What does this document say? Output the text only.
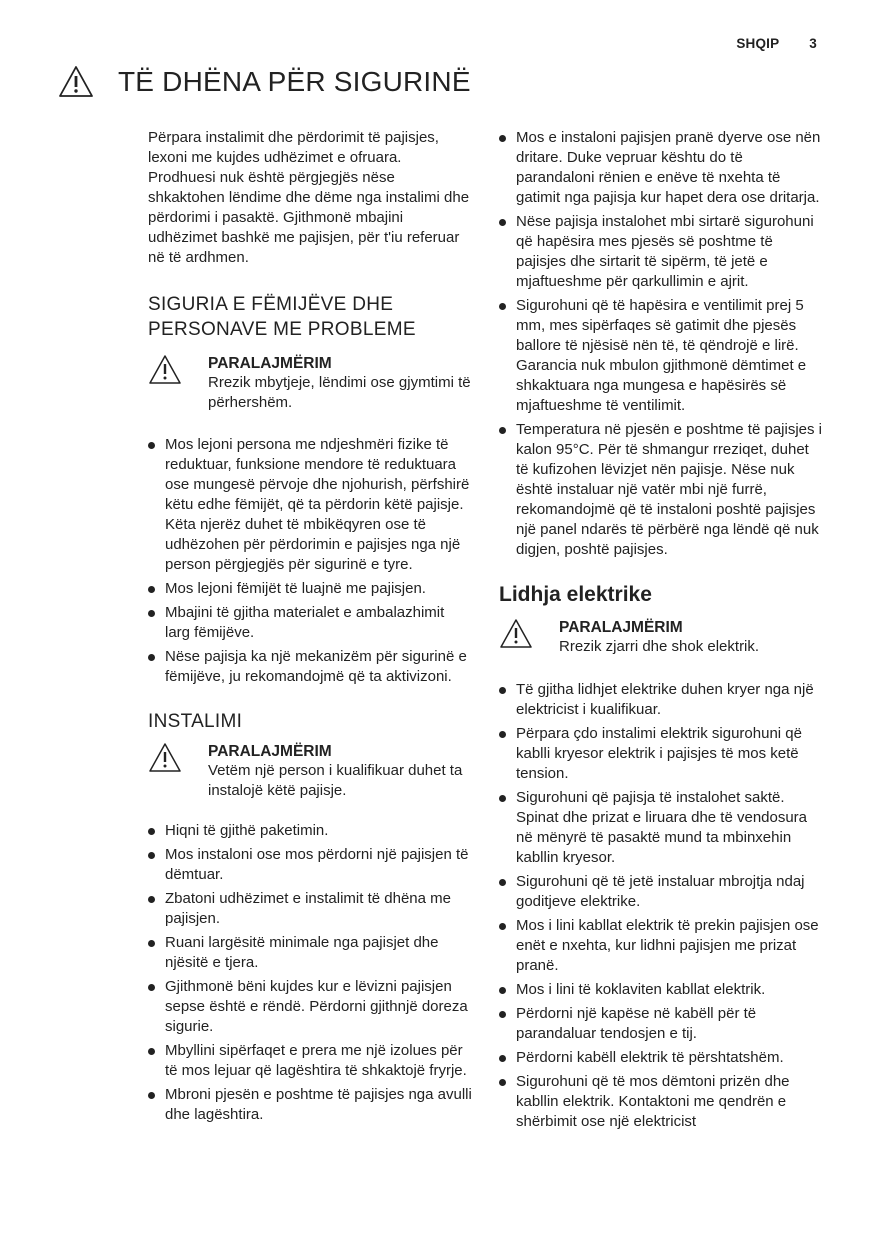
SHQIP 3
TË DHËNA PËR SIGURINË

Përpara instalimit dhe përdorimit të pajisjes, lexoni me kujdes udhëzimet e ofruara. Prodhuesi nuk është përgjegjës nëse shkaktohen lëndime dhe dëme nga instalimi dhe përdorimi i pasaktë. Gjithmonë mbajini udhëzimet bashkë me pajisjen, për t'iu referuar në të ardhmen.

SIGURIA E FËMIJËVE DHE PERSONAVE ME PROBLEME
PARALAJMËRIM
Rrezik mbytjeje, lëndimi ose gjymtimi të përhershëm.
Mos lejoni persona me ndjeshmëri fizike të reduktuar, funksione mendore të reduktuara ose mungesë përvoje dhe njohurish, përfshirë këtu edhe fëmijët, që ta përdorin këtë pajisje. Këta njerëz duhet të mbikëqyren ose të udhëzohen për përdorimin e pajisjes nga një person përgjegjës për sigurinë e tyre.
Mos lejoni fëmijët të luajnë me pajisjen.
Mbajini të gjitha materialet e ambalazhimit larg fëmijëve.
Nëse pajisja ka një mekanizëm për sigurinë e fëmijëve, ju rekomandojmë që ta aktivizoni.
INSTALIMI
PARALAJMËRIM
Vetëm një person i kualifikuar duhet ta instalojë këtë pajisje.
Hiqni të gjithë paketimin.
Mos instaloni ose mos përdorni një pajisjen të dëmtuar.
Zbatoni udhëzimet e instalimit të dhëna me pajisjen.
Ruani largësitë minimale nga pajisjet dhe njësitë e tjera.
Gjithmonë bëni kujdes kur e lëvizni pajisjen sepse është e rëndë. Përdorni gjithnjë doreza sigurie.
Mbyllini sipërfaqet e prera me një izolues për të mos lejuar që lagështira të shkaktojë fryrje.
Mbroni pjesën e poshtme të pajisjes nga avulli dhe lagështira.
Mos e instaloni pajisjen pranë dyerve ose nën dritare. Duke vepruar kështu do të parandaloni rënien e enëve të nxehta të gatimit nga pajisja kur hapet dera ose dritarja.
Nëse pajisja instalohet mbi sirtarë sigurohuni që hapësira mes pjesës së poshtme të pajisjes dhe sirtarit të sipërm, të jetë e mjaftueshme për qarkullimin e ajrit.
Sigurohuni që të hapësira e ventilimit prej 5 mm, mes sipërfaqes së gatimit dhe pjesës ballore të njësisë nën të, të qëndrojë e lirë. Garancia nuk mbulon gjithmonë dëmtimet e shkaktuara nga mungesa e hapësirës së mjaftueshme të ventilimit.
Temperatura në pjesën e poshtme të pajisjes i kalon 95°C. Për të shmangur rreziqet, duhet të kufizohen lëvizjet nën pajisje. Nëse nuk është instaluar një vatër mbi një furrë, rekomandojmë që të instaloni poshtë pajisjes një panel ndarës të përbërë nga lëndë që nuk digjen, poshtë pajisjes.
Lidhja elektrike
PARALAJMËRIM
Rrezik zjarri dhe shok elektrik.
Të gjitha lidhjet elektrike duhen kryer nga një elektricist i kualifikuar.
Përpara çdo instalimi elektrik sigurohuni që kablli kryesor elektrik i pajisjes të mos ketë tension.
Sigurohuni që pajisja të instalohet saktë. Spinat dhe prizat e liruara dhe të vendosura në mënyrë të pasaktë mund ta mbinxehin kabllin kryesor.
Sigurohuni që të jetë instaluar mbrojtja ndaj goditjeve elektrike.
Mos i lini kabllat elektrik të prekin pajisjen ose enët e nxehta, kur lidhni pajisjen me prizat pranë.
Mos i lini të koklaviten kabllat elektrik.
Përdorni një kapëse në kabëll për të parandaluar tendosjen e tij.
Përdorni kabëll elektrik të përshtatshëm.
Sigurohuni që të mos dëmtoni prizën dhe kabllin elektrik. Kontaktoni me qendrën e shërbimit ose një elektricist
